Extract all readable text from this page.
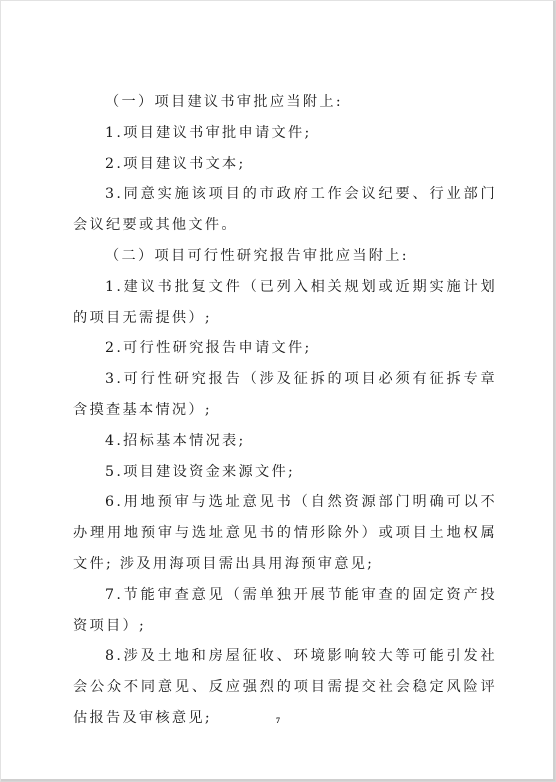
（一）项目建议书审批应当附上:

1.项目建议书审批申请文件;

2.项目建议书文本;

3.同意实施该项目的市政府工作会议纪要、行业部门会议纪要或其他文件。

（二）项目可行性研究报告审批应当附上:

1.建议书批复文件（已列入相关规划或近期实施计划的项目无需提供）;

2.可行性研究报告申请文件;

3.可行性研究报告（涉及征拆的项目必须有征拆专章含摸查基本情况）;

4.招标基本情况表;

5.项目建设资金来源文件;

6.用地预审与选址意见书（自然资源部门明确可以不办理用地预审与选址意见书的情形除外）或项目土地权属文件; 涉及用海项目需出具用海预审意见;

7.节能审查意见（需单独开展节能审查的固定资产投资项目）;

8.涉及土地和房屋征收、环境影响较大等可能引发社会公众不同意见、反应强烈的项目需提交社会稳定风险评估报告及审核意见;	7
